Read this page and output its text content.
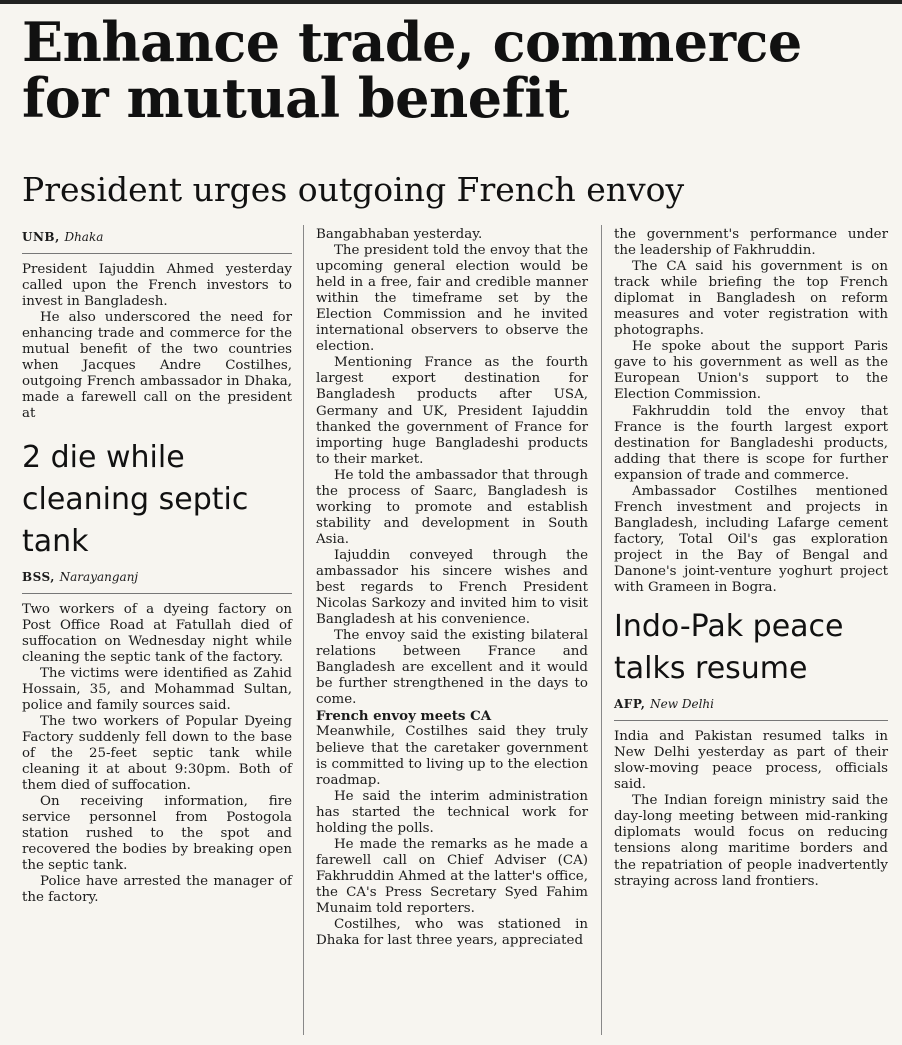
Enhance trade, commerce for mutual benefit
President urges outgoing French envoy
UNB, Dhaka

President Iajuddin Ahmed yesterday called upon the French investors to invest in Bangladesh.

He also underscored the need for enhancing trade and commerce for the mutual benefit of the two countries when Jacques Andre Costilhes, outgoing French ambassador in Dhaka, made a farewell call on the president at

2 die while cleaning septic tank
BSS, Narayanganj

Two workers of a dyeing factory on Post Office Road at Fatullah died of suffocation on Wednesday night while cleaning the septic tank of the factory.

The victims were identified as Zahid Hossain, 35, and Mohammad Sultan, police and family sources said.

The two workers of Popular Dyeing Factory suddenly fell down to the base of the 25-feet septic tank while cleaning it at about 9:30pm. Both of them died of suffocation.

On receiving information, fire service personnel from Postogola station rushed to the spot and recovered the bodies by breaking open the septic tank.

Police have arrested the manager of the factory.

Bangabhaban yesterday.

The president told the envoy that the upcoming general election would be held in a free, fair and credible manner within the timeframe set by the Election Commission and he invited international observers to observe the election.

Mentioning France as the fourth largest export destination for Bangladesh products after USA, Germany and UK, President Iajuddin thanked the government of France for importing huge Bangladeshi products to their market.

He told the ambassador that through the process of Saarc, Bangladesh is working to promote and establish stability and development in South Asia.

Iajuddin conveyed through the ambassador his sincere wishes and best regards to French President Nicolas Sarkozy and invited him to visit Bangladesh at his convenience.

The envoy said the existing bilateral relations between France and Bangladesh are excellent and it would be further strengthened in the days to come.

French envoy meets CA

Meanwhile, Costilhes said they truly believe that the caretaker government is committed to living up to the election roadmap.

He said the interim administration has started the technical work for holding the polls.

He made the remarks as he made a farewell call on Chief Adviser (CA) Fakhruddin Ahmed at the latter's office, the CA's Press Secretary Syed Fahim Munaim told reporters.

Costilhes, who was stationed in Dhaka for last three years, appreciated

the government's performance under the leadership of Fakhruddin.

The CA said his government is on track while briefing the top French diplomat in Bangladesh on reform measures and voter registration with photographs.

He spoke about the support Paris gave to his government as well as the European Union's support to the Election Commission.

Fakhruddin told the envoy that France is the fourth largest export destination for Bangladeshi products, adding that there is scope for further expansion of trade and commerce.

Ambassador Costilhes mentioned French investment and projects in Bangladesh, including Lafarge cement factory, Total Oil's gas exploration project in the Bay of Bengal and Danone's joint-venture yoghurt project with Grameen in Bogra.

Indo-Pak peace talks resume
AFP, New Delhi

India and Pakistan resumed talks in New Delhi yesterday as part of their slow-moving peace process, officials said.

The Indian foreign ministry said the day-long meeting between mid-ranking diplomats would focus on reducing tensions along maritime borders and the repatriation of people inadvertently straying across land frontiers.
